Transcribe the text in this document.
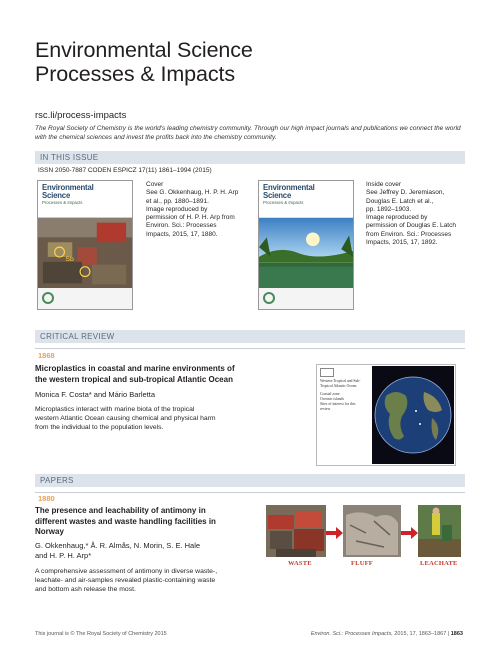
Environmental Science
Processes & Impacts
rsc.li/process-impacts
The Royal Society of Chemistry is the world's leading chemistry community. Through our high impact journals and publications we connect the world with the chemical sciences and invest the profits back into the chemistry community.
IN THIS ISSUE
ISSN 2050-7887 CODEN ESPICZ 17(11) 1861–1994 (2015)
Environmental
Science
Processes & Impacts
Sb
Cover
See G. Okkenhaug, H. P. H. Arp
et al., pp. 1880–1891.
Image reproduced by
permission of H. P. H. Arp from
Environ. Sci.: Processes
Impacts, 2015, 17, 1880.
Environmental
Science
Processes & Impacts
Inside cover
See Jeffrey D. Jeremiason,
Douglas E. Latch et al.,
pp. 1892–1903.
Image reproduced by
permission of Douglas E. Latch
from Environ. Sci.: Processes
Impacts, 2015, 17, 1892.
CRITICAL REVIEW
1868
Microplastics in coastal and marine environments of
the western tropical and sub-tropical Atlantic Ocean
Monica F. Costa* and Mário Barletta
Microplastics interact with marine biota of the tropical
western Atlantic Ocean causing chemical and physical harm
from the individual to the population levels.
Western Tropical and Sub-
Tropical Atlantic Ocean
Coastal zone
Oceanic islands
Sites of interest for this
review
PAPERS
1880
The presence and leachability of antimony in
different wastes and waste handling facilities in
Norway
G. Okkenhaug,* Å. R. Almås, N. Morin, S. E. Hale
and H. P. H. Arp*
A comprehensive assessment of antimony in diverse waste-,
leachate- and air-samples revealed plastic-containing waste
and bottom ash release the most.
WASTE	FLUFF	LEACHATE
This journal is © The Royal Society of Chemistry 2015	Environ. Sci.: Processes Impacts, 2015, 17, 1863–1867 | 1863
